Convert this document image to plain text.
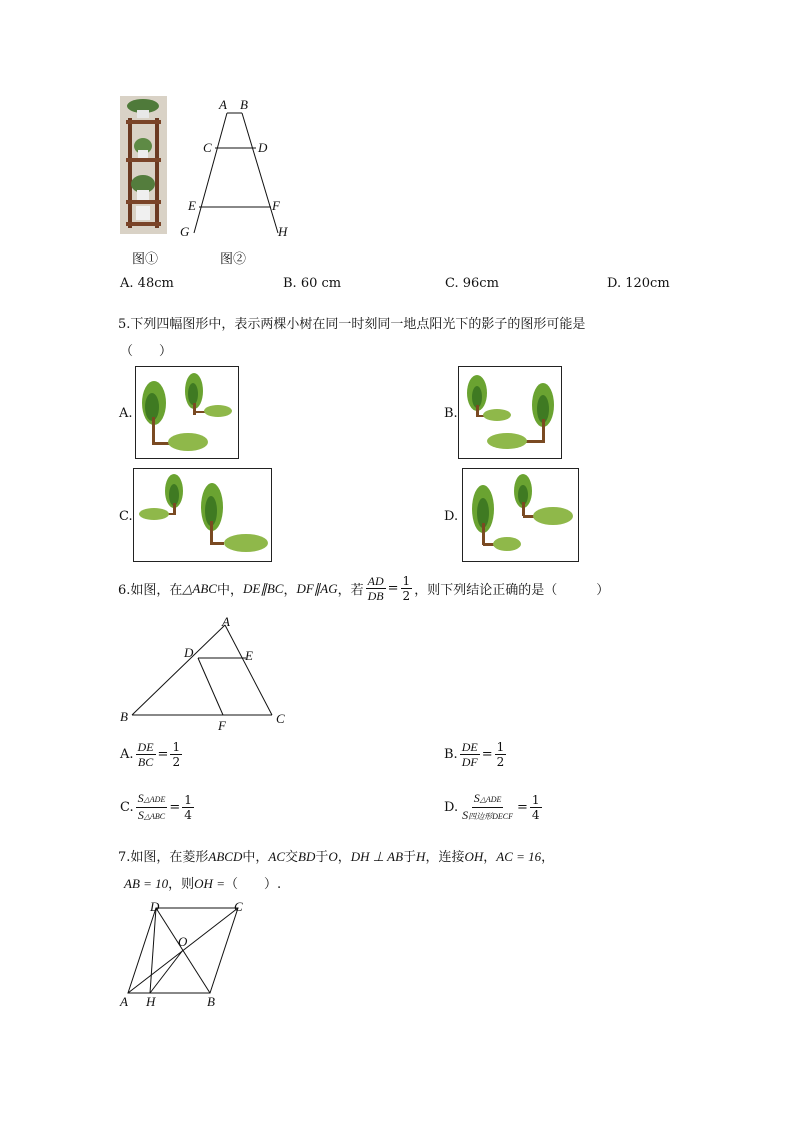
A B
C	D
E	F
G	H
图①	图②
A.
48cm	B.
60 cm	C.
96cm	D.
120cm
5.下列四幅图形中，表示两棵小树在同一时刻同一地点阳光下的影子的图形可能是
（　　）
A.	B.
C.	D.
6.如图，在 △ABC 中， DE∥BC ， DF∥AG ，若 $\frac{AD}{DB} = \frac{1}{2}$ ，则下列结论正确的是（　　　）
A
D	E
B
F	C
A. $\frac{DE}{BC} = \frac{1}{2}$	B. $\frac{DE}{DF} = \frac{1}{2}$
C. $\frac{\text{S△ADE}}{\text{S△ABC}} = \frac{1}{4}$	D. $\frac{\text{S△ADE}}{\text{S四边形DECF}} = \frac{1}{4}$
7.如图，在菱形ABCD中，AC交BD于O，DH ⊥ AB于H，连接OH，AC = 16，
AB = 10，则OH =（　　）.
D	C
O
A H	B
